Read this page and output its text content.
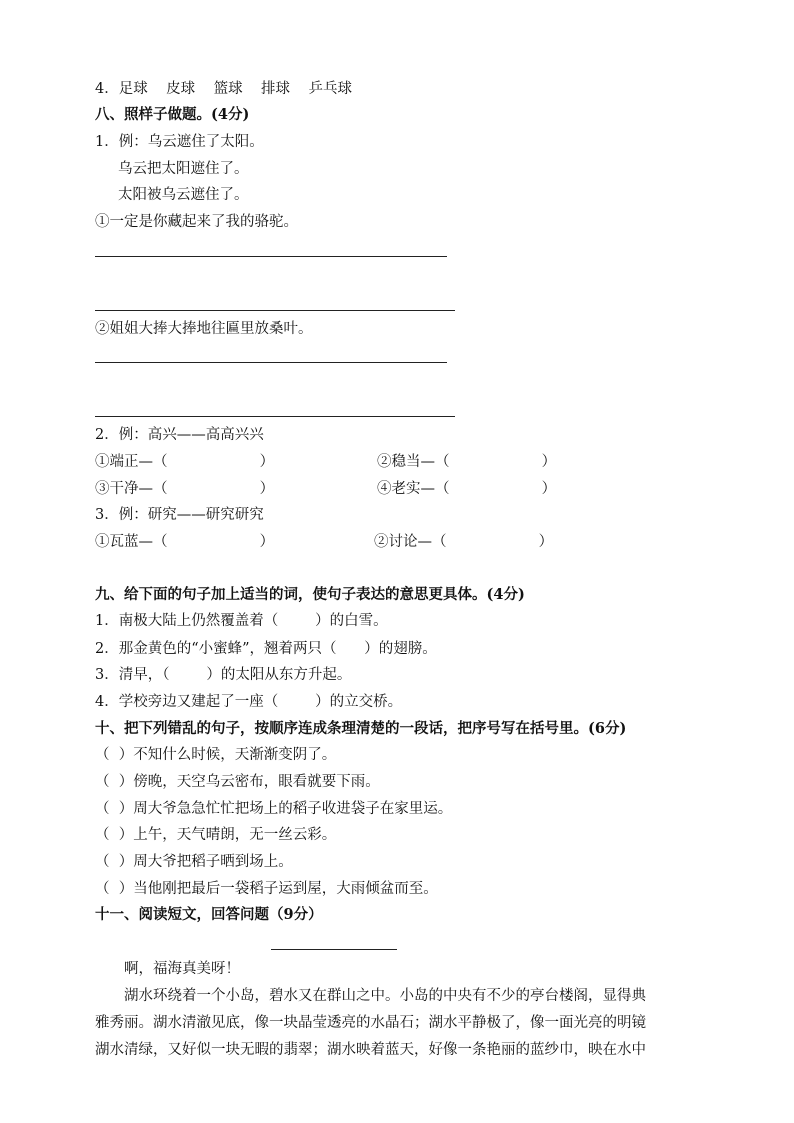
4．足球    皮球    篮球    排球    乒乓球
八、照样子做题。(4分)
1．例：乌云遮住了太阳。
乌云把太阳遮住了。
太阳被乌云遮住了。
①一定是你藏起来了我的骆驼。
②姐姐大捧大捧地往匾里放桑叶。
2．例：高兴——高高兴兴
①端正—（                    ）	②稳当—（                    ）
③干净—（                    ）	④老实—（                    ）
3．例：研究——研究研究
①瓦蓝—（                    ）	②讨论—（                    ）
九、给下面的句子加上适当的词，使句子表达的意思更具体。(4分)
1．南极大陆上仍然覆盖着（        ）的白雪。
2．那金黄色的“小蜜蜂”，翘着两只（      ）的翅膀。
3．清早，（        ）的太阳从东方升起。
4．学校旁边又建起了一座（        ）的立交桥。
十、把下列错乱的句子，按顺序连成条理清楚的一段话，把序号写在括号里。(6分)
（  ）不知什么时候，天渐渐变阴了。
（  ）傍晚，天空乌云密布，眼看就要下雨。
（  ）周大爷急急忙忙把场上的稻子收进袋子在家里运。
（  ）上午，天气晴朗，无一丝云彩。
（  ）周大爷把稻子晒到场上。
（  ）当他刚把最后一袋稻子运到屋，大雨倾盆而至。
十一、阅读短文，回答问题（9分）
啊，福海真美呀！
湖水环绕着一个小岛，碧水又在群山之中。小岛的中央有不少的亭台楼阁，显得典
雅秀丽。湖水清澈见底，像一块晶莹透亮的水晶石；湖水平静极了，像一面光亮的明镜
湖水清绿，又好似一块无暇的翡翠；湖水映着蓝天，好像一条艳丽的蓝纱巾，映在水中
